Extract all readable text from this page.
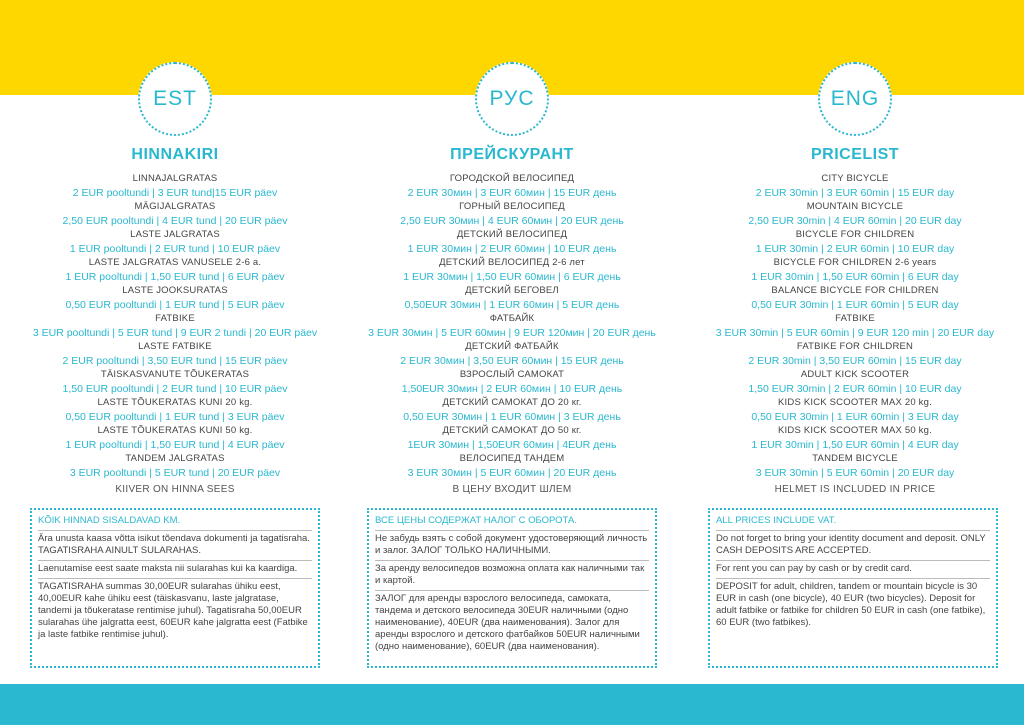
EST
HINNAKIRI
LINNAJALGRATAS
2 EUR pooltundi | 3 EUR tund|15 EUR päev
MÄGIJALGRATAS
2,50 EUR pooltundi | 4 EUR tund | 20 EUR päev
LASTE JALGRATAS
1 EUR pooltundi | 2 EUR tund | 10 EUR päev
LASTE JALGRATAS VANUSELE 2-6 a.
1 EUR pooltundi | 1,50 EUR tund | 6 EUR päev
LASTE JOOKSURATAS
0,50 EUR pooltundi | 1 EUR tund | 5 EUR päev
FATBIKE
3 EUR pooltundi | 5 EUR tund | 9 EUR 2 tundi | 20 EUR päev
LASTE FATBIKE
2 EUR pooltundi | 3,50 EUR tund | 15 EUR päev
TÄISKASVANUTE TÕUKERATAS
1,50 EUR pooltundi | 2 EUR tund | 10 EUR päev
LASTE TÕUKERATAS KUNI 20 kg.
0,50 EUR pooltundi | 1 EUR tund | 3 EUR päev
LASTE TÕUKERATAS KUNI 50 kg.
1 EUR pooltundi | 1,50 EUR tund | 4 EUR päev
TANDEM JALGRATAS
3 EUR pooltundi | 5 EUR tund | 20 EUR päev
KIIVER ON HINNA SEES
РУС
ПРЕЙСКУРАНТ
ГОРОДСКОЙ ВЕЛОСИПЕД
2 EUR 30мин | 3 EUR 60мин | 15 EUR день
ГОРНЫЙ ВЕЛОСИПЕД
2,50 EUR 30мин | 4 EUR 60мин | 20 EUR день
ДЕТСКИЙ ВЕЛОСИПЕД
1 EUR 30мин | 2 EUR 60мин | 10 EUR день
ДЕТСКИЙ ВЕЛОСИПЕД 2-6 лет
1 EUR 30мин | 1,50 EUR 60мин | 6 EUR день
ДЕТСКИЙ БЕГОВЕЛ
0,50EUR 30мин | 1 EUR 60мин | 5 EUR день
ФАТБАЙК
3 EUR 30мин | 5 EUR 60мин | 9 EUR 120мин | 20 EUR день
ДЕТСКИЙ ФАТБАЙК
2 EUR 30мин | 3,50 EUR 60мин | 15 EUR день
ВЗРОСЛЫЙ САМОКАТ
1,50EUR 30мин | 2 EUR 60мин | 10 EUR день
ДЕТСКИЙ САМОКАТ ДО 20 кг.
0,50 EUR 30мин | 1 EUR 60мин | 3 EUR день
ДЕТСКИЙ САМОКАТ ДО 50 кг.
1EUR 30мин | 1,50EUR 60мин | 4EUR день
ВЕЛОСИПЕД ТАНДЕМ
3 EUR 30мин | 5 EUR 60мин | 20 EUR день
В ЦЕНУ ВХОДИТ ШЛЕМ
ENG
PRICELIST
CITY BICYCLE
2 EUR 30min | 3 EUR 60min | 15 EUR day
MOUNTAIN BICYCLE
2,50 EUR 30min | 4 EUR 60min | 20 EUR day
BICYCLE FOR CHILDREN
1 EUR 30min | 2 EUR 60min | 10 EUR day
BICYCLE FOR CHILDREN 2-6 years
1 EUR 30min | 1,50 EUR 60min | 6 EUR day
BALANCE BICYCLE FOR CHILDREN
0,50 EUR 30min | 1 EUR 60min | 5 EUR day
FATBIKE
3 EUR 30min | 5 EUR 60min | 9 EUR 120 min | 20 EUR day
FATBIKE FOR CHILDREN
2 EUR 30min | 3,50 EUR 60min | 15 EUR day
ADULT KICK SCOOTER
1,50 EUR 30min | 2 EUR 60min | 10 EUR day
KIDS KICK SCOOTER MAX 20 kg.
0,50 EUR 30min | 1 EUR 60min | 3 EUR day
KIDS KICK SCOOTER MAX 50 kg.
1 EUR 30min | 1,50 EUR 60min | 4 EUR day
TANDEM BICYCLE
3 EUR 30min | 5 EUR 60min | 20 EUR day
HELMET IS INCLUDED IN PRICE
KÕIK HINNAD SISALDAVAD KM.
Ära unusta kaasa võtta isikut tõendava dokumenti ja tagatisraha. TAGATISRAHA AINULT SULARAHAS.
Laenutamise eest saate maksta nii sularahas kui ka kaardiga.
TAGATISRAHA summas 30,00EUR sularahas ühiku eest, 40,00EUR kahe ühiku eest (täiskasvanu, laste jalgratase, tandemi ja tõukeratase rentimise juhul). Tagatisraha 50,00EUR sularahas ühe jalgratta eest, 60EUR kahe jalgratta eest (Fatbike ja laste fatbike rentimise juhul).
ВСЕ ЦЕНЫ СОДЕРЖАТ НАЛОГ С ОБОРОТА.
Не забудь взять с собой документ удостоверяющий личность и залог. ЗАЛОГ ТОЛЬКО НАЛИЧНЫМИ.
За аренду велосипедов возможна оплата как наличными так и картой.
ЗАЛОГ для аренды взрослого велосипеда, самоката, тандема и детского велосипеда 30EUR наличными (одно наименование), 40EUR (два наименования). Залог для аренды взрослого и детского фатбайков 50EUR наличными (одно наименование), 60EUR (два наименования).
ALL PRICES INCLUDE VAT.
Do not forget to bring your identity document and deposit. ONLY CASH DEPOSITS ARE ACCEPTED.
For rent you can pay by cash or by credit card.
DEPOSIT for adult, children, tandem or mountain bicycle is 30 EUR in cash (one bicycle), 40 EUR (two bicycles). Deposit for adult fatbike or fatbike for children 50 EUR in cash (one fatbike), 60 EUR (two fatbikes).
